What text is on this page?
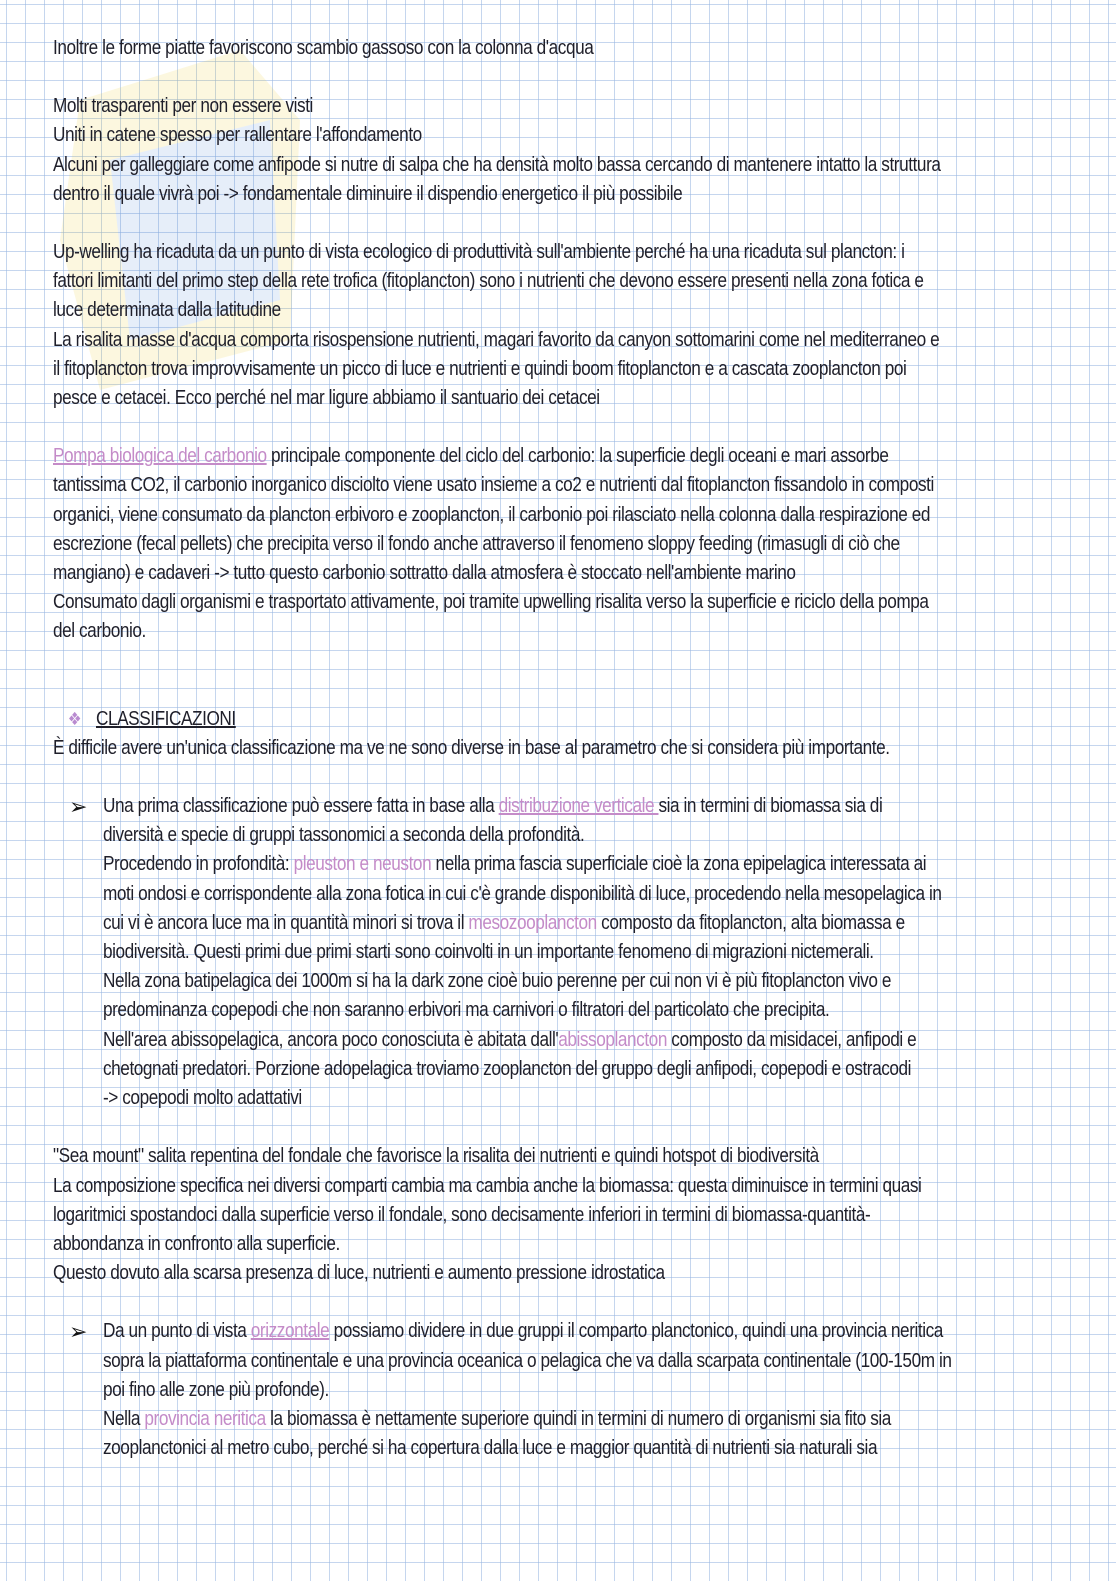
Inoltre le forme piatte favoriscono scambio gassoso con la colonna d'acqua
Molti trasparenti per non essere visti
Uniti in catene spesso per rallentare l'affondamento
Alcuni per galleggiare come anfipode si nutre di salpa che ha densità molto bassa cercando di mantenere intatto la struttura
dentro il quale vivrà poi -> fondamentale diminuire il dispendio energetico il più possibile
Up-welling ha ricaduta da un punto di vista ecologico di produttività sull'ambiente perché ha una ricaduta sul plancton: i
fattori limitanti del primo step della rete trofica (fitoplancton) sono i nutrienti che devono essere presenti nella zona fotica e
luce determinata dalla latitudine
La risalita masse d'acqua comporta risospensione nutrienti, magari favorito da canyon sottomarini come nel mediterraneo e
il fitoplancton trova improvvisamente un picco di luce e nutrienti e quindi boom fitoplancton e a cascata zooplancton poi
pesce e cetacei. Ecco perché nel mar ligure abbiamo il santuario dei cetacei
Pompa biologica del carbonio principale componente del ciclo del carbonio: la superficie degli oceani e mari assorbe
tantissima CO2, il carbonio inorganico disciolto viene usato insieme a co2 e nutrienti dal fitoplancton fissandolo in composti
organici, viene consumato da plancton erbivoro e zooplancton, il carbonio poi rilasciato nella colonna dalla respirazione ed
escrezione (fecal pellets) che precipita verso il fondo anche attraverso il fenomeno sloppy feeding (rimasugli di ciò che
mangiano) e cadaveri -> tutto questo carbonio sottratto dalla atmosfera è stoccato nell'ambiente marino
Consumato dagli organismi e trasportato attivamente, poi tramite upwelling risalita verso la superficie e riciclo della pompa
del carbonio.
❖ CLASSIFICAZIONI
È difficile avere un'unica classificazione ma ve ne sono diverse in base al parametro che si considera più importante.
➢ Una prima classificazione può essere fatta in base alla distribuzione verticale sia in termini di biomassa sia di
diversità e specie di gruppi tassonomici a seconda della profondità.
Procedendo in profondità: pleuston e neuston nella prima fascia superficiale cioè la zona epipelagica interessata ai
moti ondosi e corrispondente alla zona fotica in cui c'è grande disponibilità di luce, procedendo nella mesopelagica in
cui vi è ancora luce ma in quantità minori si trova il mesozooplancton composto da fitoplancton, alta biomassa e
biodiversità. Questi primi due primi starti sono coinvolti in un importante fenomeno di migrazioni nictemerali.
Nella zona batipelagica dei 1000m si ha la dark zone cioè buio perenne per cui non vi è più fitoplancton vivo e
predominanza copepodi che non saranno erbivori ma carnivori o filtratori del particolato che precipita.
Nell'area abissopelagica, ancora poco conosciuta è abitata dall'abissoplancton composto da misidacei, anfipodi e
chetognati predatori. Porzione adopelagica troviamo zooplancton del gruppo degli anfipodi, copepodi e ostracodi
-> copepodi molto adattativi
"Sea mount" salita repentina del fondale che favorisce la risalita dei nutrienti e quindi hotspot di biodiversità
La composizione specifica nei diversi comparti cambia ma cambia anche la biomassa: questa diminuisce in termini quasi
logaritmici spostandoci dalla superficie verso il fondale, sono decisamente inferiori in termini di biomassa-quantità-
abbondanza in confronto alla superficie.
Questo dovuto alla scarsa presenza di luce, nutrienti e aumento pressione idrostatica
➢ Da un punto di vista orizzontale possiamo dividere in due gruppi il comparto planctonico, quindi una provincia neritica
sopra la piattaforma continentale e una provincia oceanica o pelagica che va dalla scarpata continentale (100-150m in
poi fino alle zone più profonde).
Nella provincia neritica la biomassa è nettamente superiore quindi in termini di numero di organismi sia fito sia
zooplanctonici al metro cubo, perché si ha copertura dalla luce e maggior quantità di nutrienti sia naturali sia
